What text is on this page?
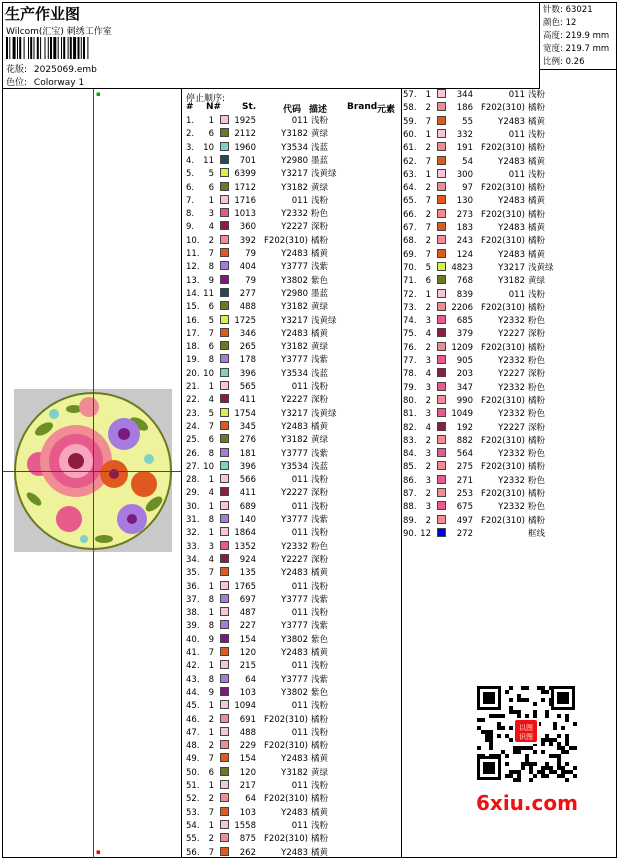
生产作业图
Wilcom(汇宝) 刺绣工作室
花版: 2025069.emb
色位: Colorway 1
针数: 63021
颜色: 12
高度: 219.9 mm
宽度: 219.7 mm
比例: 0.26
▪
▪
停止顺序:
# N# St.	代码 描述 Brand 元素
1.	1 1925	011 浅粉
2.	6 2112	Y3182 黄绿
3.	10 1960	Y3534 浅蓝
4.	11	701	Y2980 墨蓝
5.	5 6399	Y3217 浅黄绿
6.	6 1712	Y3182 黄绿
7.	1 1716	011 浅粉
8.	3 1013	Y2332 粉色
9.	4	360	Y2227 深粉
10.	2	392 F202(310) 橘粉
11.	7	79	Y2483 橘黄
12.	8	404	Y3777 浅紫
13.	9	79	Y3802 紫色
14. 11	277	Y2980 墨蓝
15.	6	488	Y3182 黄绿
16.	5 1725	Y3217 浅黄绿
17.	7	346	Y2483 橘黄
18.	6	265	Y3182 黄绿
19.	8	178	Y3777 浅紫
20. 10	396	Y3534 浅蓝
21.	1	565	011 浅粉
22.	4	411	Y2227 深粉
23.	5 1754	Y3217 浅黄绿
24.	7	345	Y2483 橘黄
25.	6	276	Y3182 黄绿
26.	8	181	Y3777 浅紫
27. 10	396	Y3534 浅蓝
28.	1	566	011 浅粉
29.	4	411	Y2227 深粉
30.	1	689	011 浅粉
31.	8	140	Y3777 浅紫
32.	1 1864	011 浅粉
33.	3 1352	Y2332 粉色
34.	4	924	Y2227 深粉
35.	7	135	Y2483 橘黄
36.	1 1765	011 浅粉
37.	8	697	Y3777 浅紫
38.	1	487	011 浅粉
39.	8	227	Y3777 浅紫
40.	9	154	Y3802 紫色
41.	7	120	Y2483 橘黄
42.	1	215	011 浅粉
43.	8	64	Y3777 浅紫
44.	9	103	Y3802 紫色
45.	1 1094	011 浅粉
46.	2	691 F202(310) 橘粉
47.	1	488	011 浅粉
48.	2	229 F202(310) 橘粉
49.	7	154	Y2483 橘黄
50.	6	120	Y3182 黄绿
51.	1	217	011 浅粉
52.	2	64 F202(310) 橘粉
53.	7	103	Y2483 橘黄
54.	1 1558	011 浅粉
55.	2	875 F202(310) 橘粉
56.	7	262	Y2483 橘黄
57.	1	344	011 浅粉
58.	2	186 F202(310) 橘粉
59.	7	55	Y2483 橘黄
60.	1	332	011 浅粉
61.	2	191 F202(310) 橘粉
62.	7	54	Y2483 橘黄
63.	1	300	011 浅粉
64.	2	97 F202(310) 橘粉
65.	7	130	Y2483 橘黄
66.	2	273 F202(310) 橘粉
67.	7	183	Y2483 橘黄
68.	2	243 F202(310) 橘粉
69.	7	124	Y2483 橘黄
70.	5 4823	Y3217 浅黄绿
71.	6	768	Y3182 黄绿
72.	1	839	011 浅粉
73.	2 2206 F202(310) 橘粉
74.	3	685	Y2332 粉色
75.	4	379	Y2227 深粉
76.	2 1209 F202(310) 橘粉
77.	3	905	Y2332 粉色
78.	4	203	Y2227 深粉
79.	3	347	Y2332 粉色
80.	2	990 F202(310) 橘粉
81.	3 1049	Y2332 粉色
82.	4	192	Y2227 深粉
83.	2	882 F202(310) 橘粉
84.	3	564	Y2332 粉色
85.	2	275 F202(310) 橘粉
86.	3	271	Y2332 粉色
87.	2	253 F202(310) 橘粉
88.	3	675	Y2332 粉色
89.	2	497 F202(310) 橘粉
90. 12	272	框线
以图
识图
6xiu.com
